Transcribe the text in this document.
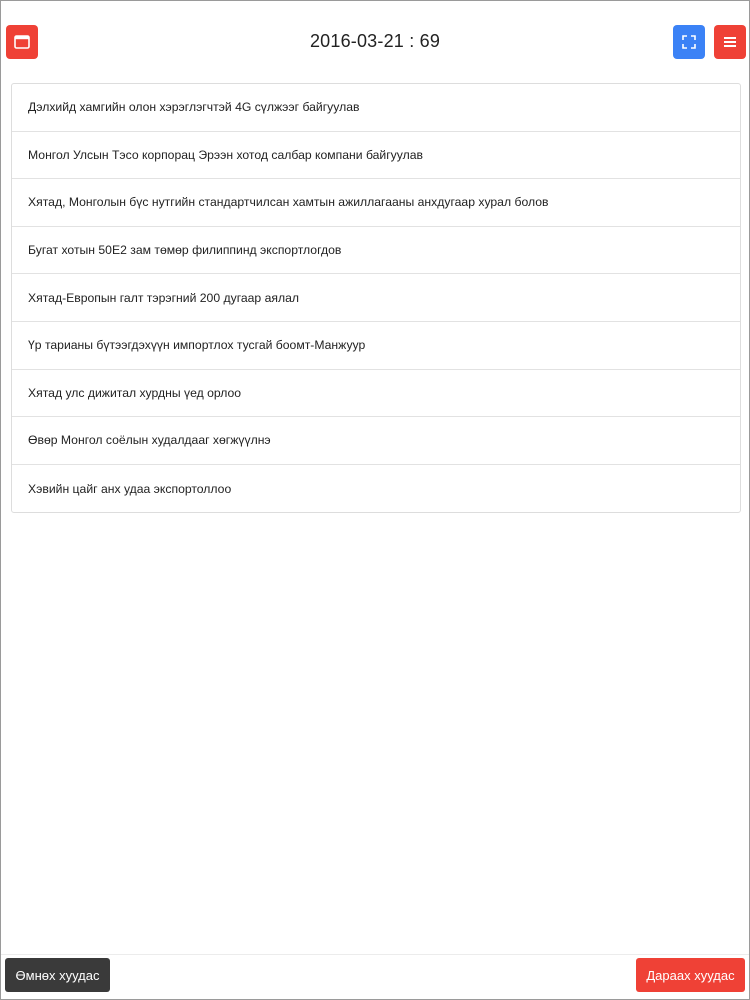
2016-03-21 : 69
Дэлхийд хамгийн олон хэрэглэгчтэй 4G сүлжээг байгуулав
Монгол Улсын Тэсо корпорац Эрээн хотод салбар компани байгуулав
Хятад, Монголын бүс нутгийн стандартчилсан хамтын ажиллагааны анхдугаар хурал болов
Бугат хотын 50Е2 зам төмөр филиппинд экспортлогдов
Хятад-Европын галт тэрэгний 200 дугаар аялал
Үр тарианы бүтээгдэхүүн импортлох тусгай боомт-Манжуур
Хятад улс дижитал хурдны үед орлоо
Өвөр Монгол соёлын худалдааг хөгжүүлнэ
Хэвийн цайг анх удаа экспортоллоо
Өмнөх хуудас	Дараах хуудас
